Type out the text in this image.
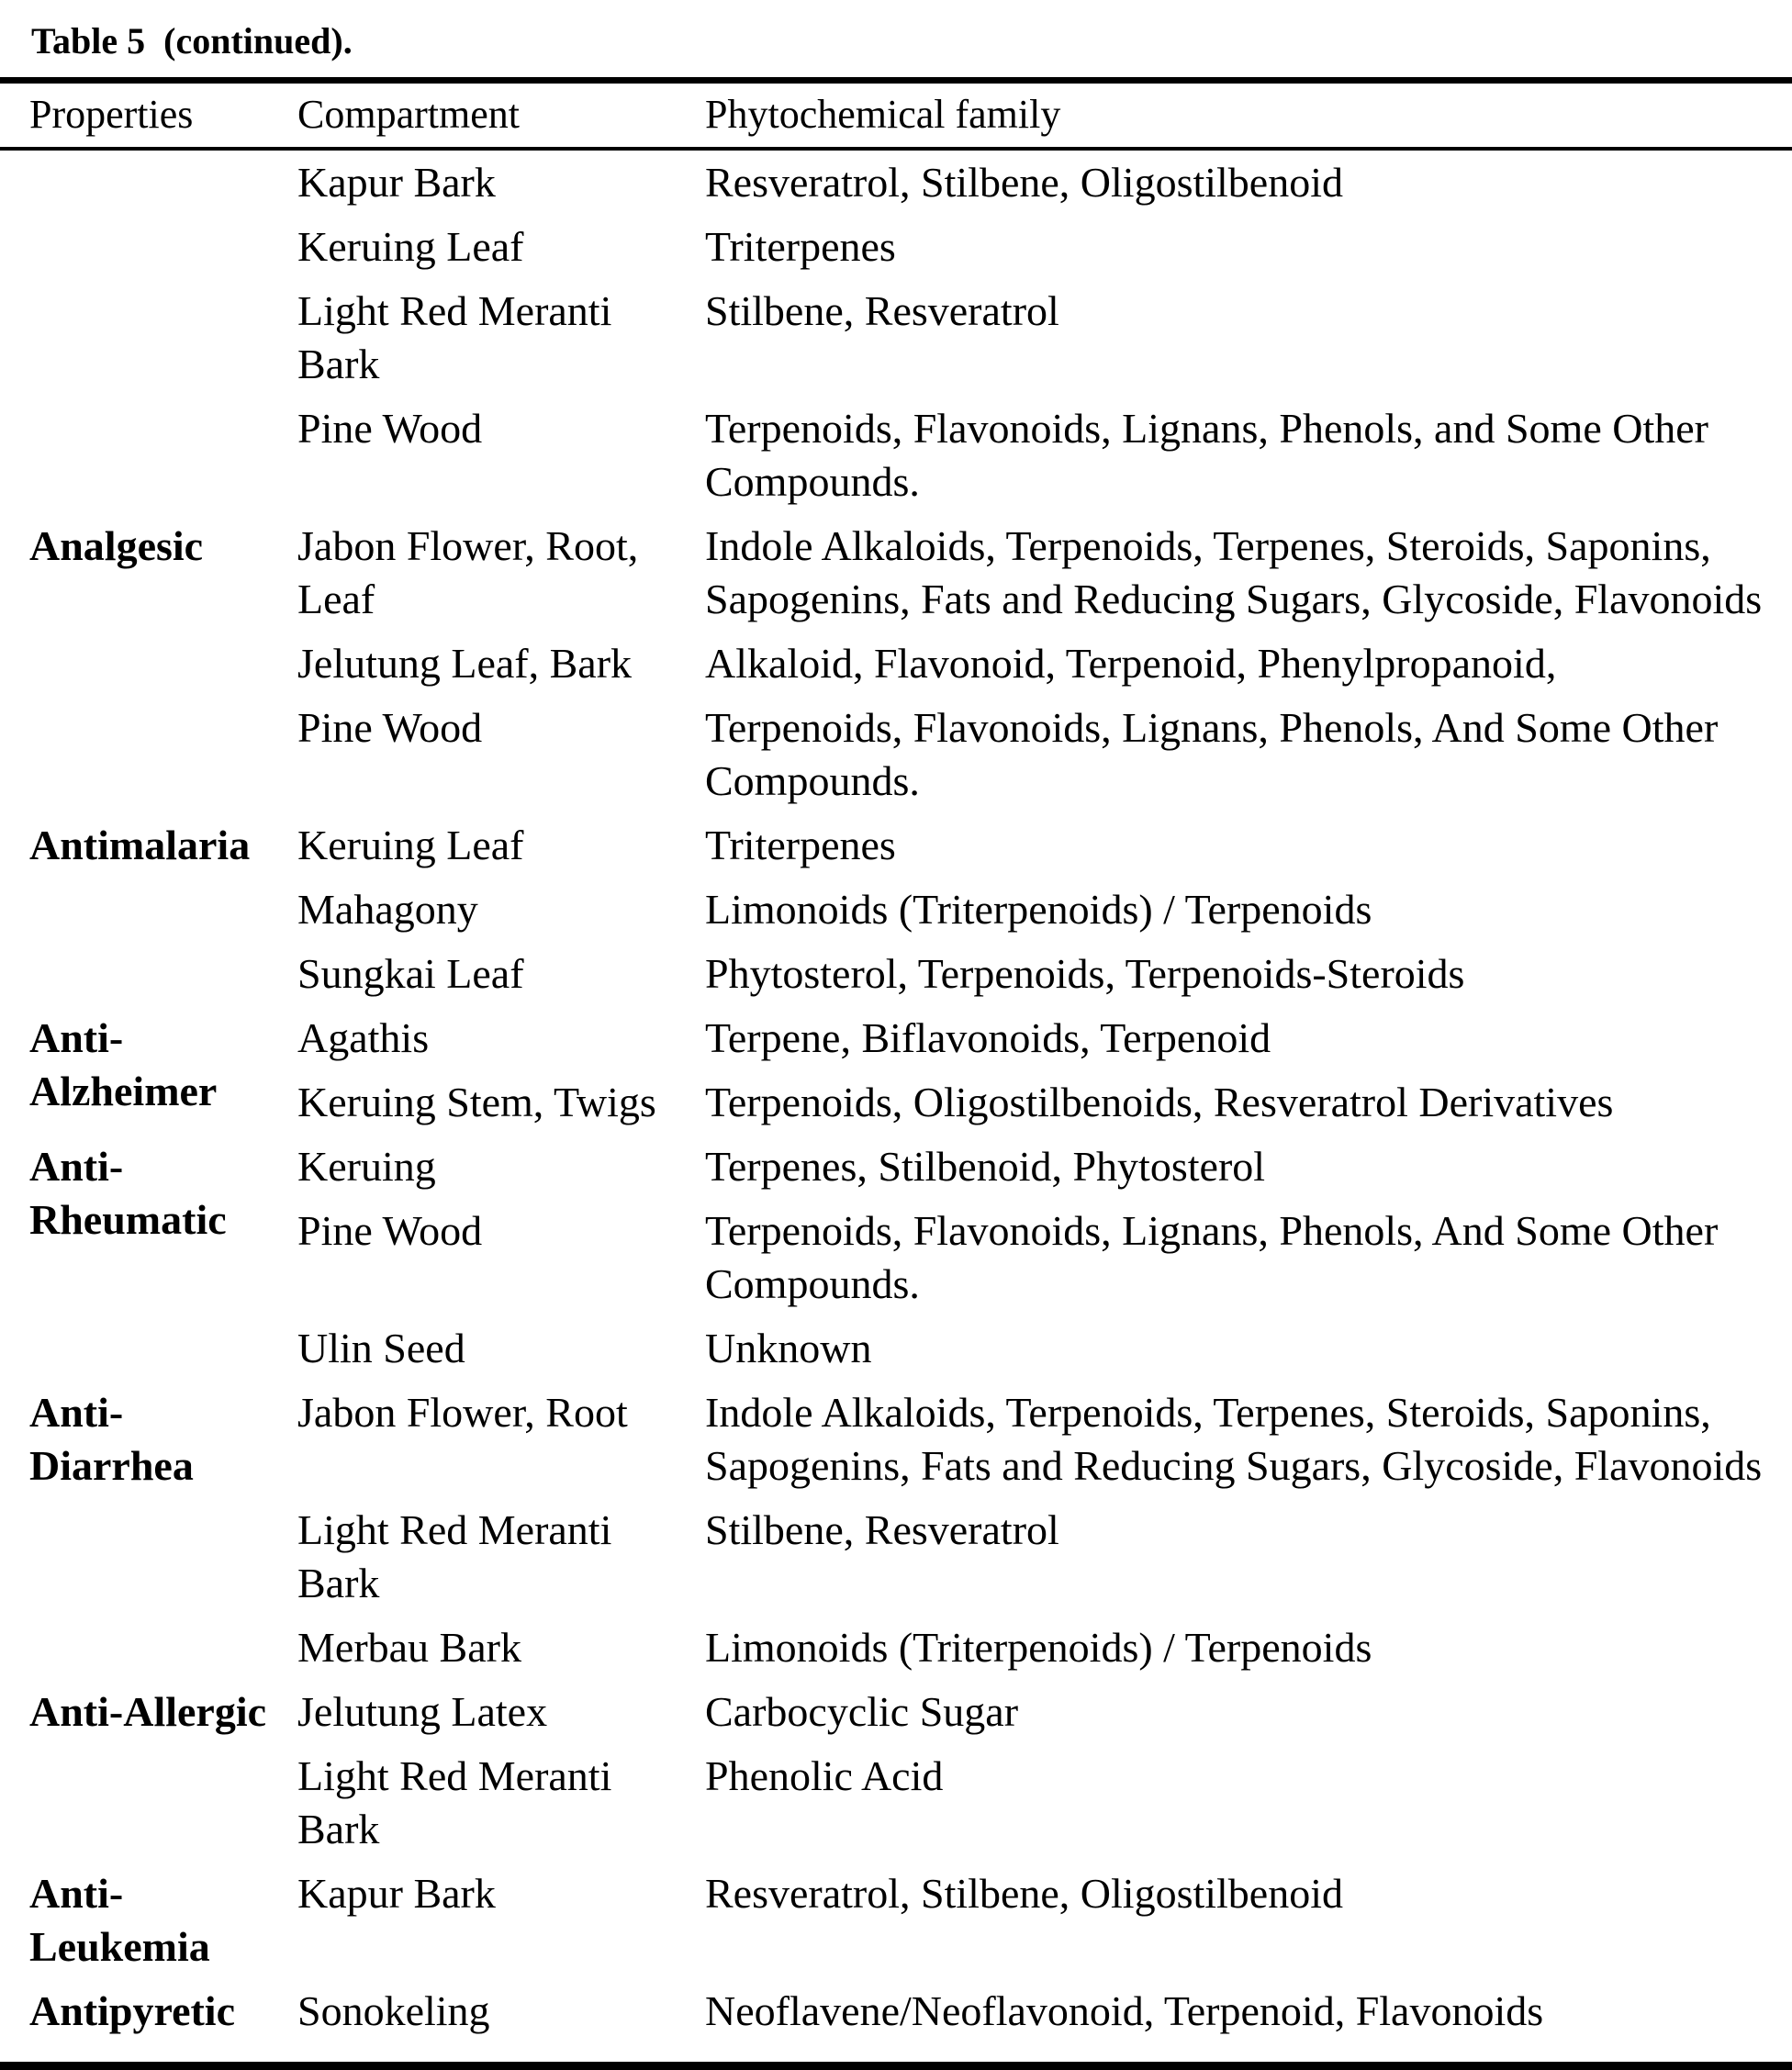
Table 5  (continued).
Properties	Compartment	Phytochemical family
	Kapur Bark	Resveratrol, Stilbene, Oligostilbenoid
	Keruing Leaf	Triterpenes
	Light Red Meranti Bark	Stilbene, Resveratrol
	Pine Wood	Terpenoids, Flavonoids, Lignans, Phenols, and Some Other Compounds.
Analgesic	Jabon Flower, Root, Leaf	Indole Alkaloids, Terpenoids, Terpenes, Steroids, Saponins, Sapogenins, Fats and Reducing Sugars, Glycoside, Flavonoids
	Jelutung Leaf, Bark	Alkaloid, Flavonoid, Terpenoid, Phenylpropanoid,
	Pine Wood	Terpenoids, Flavonoids, Lignans, Phenols, And Some Other Compounds.
Antimalaria	Keruing Leaf	Triterpenes
	Mahagony	Limonoids (Triterpenoids) / Terpenoids
	Sungkai Leaf	Phytosterol, Terpenoids, Terpenoids-Steroids
Anti-Alzheimer	Agathis	Terpene, Biflavonoids, Terpenoid
	Keruing Stem, Twigs	Terpenoids, Oligostilbenoids, Resveratrol Derivatives
Anti-Rheumatic	Keruing	Terpenes, Stilbenoid, Phytosterol
	Pine Wood	Terpenoids, Flavonoids, Lignans, Phenols, And Some Other Compounds.
	Ulin Seed	Unknown
Anti-Diarrhea	Jabon Flower, Root	Indole Alkaloids, Terpenoids, Terpenes, Steroids, Saponins, Sapogenins, Fats and Reducing Sugars, Glycoside, Flavonoids
	Light Red Meranti Bark	Stilbene, Resveratrol
	Merbau Bark	Limonoids (Triterpenoids) / Terpenoids
Anti-Allergic	Jelutung Latex	Carbocyclic Sugar
	Light Red Meranti Bark	Phenolic Acid
Anti-Leukemia	Kapur Bark	Resveratrol, Stilbene, Oligostilbenoid
Antipyretic	Sonokeling	Neoflavene/Neoflavonoid, Terpenoid, Flavonoids
